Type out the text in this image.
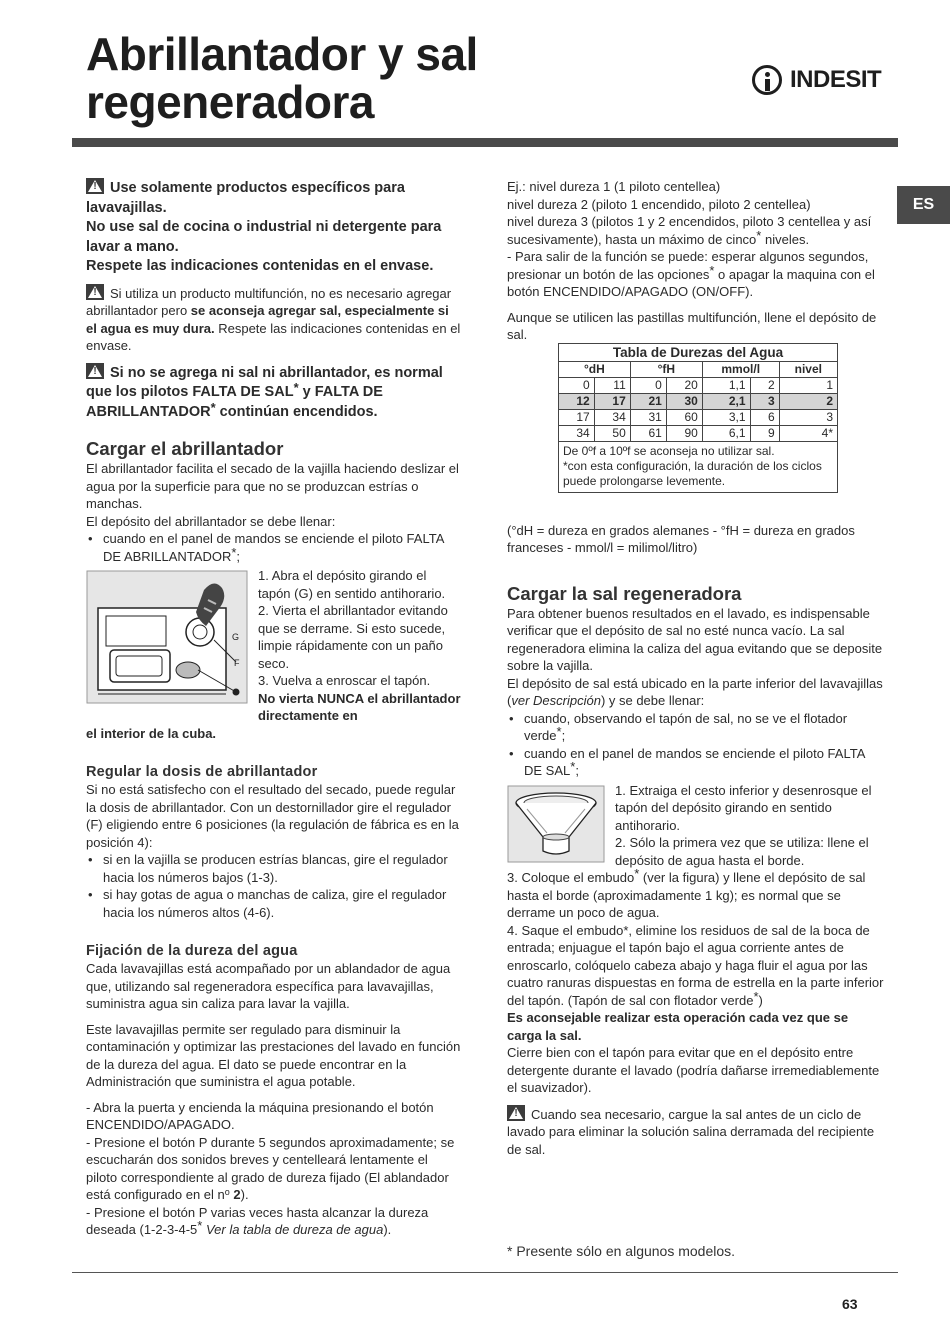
Abrillantador y sal
regeneradora	INDESIT
ES

!Use solamente productos específicos para lavavajillas.
No use sal de cocina o industrial ni detergente para lavar a mano.
Respete las indicaciones contenidas en el envase.

!Si utiliza un producto multifunción, no es necesario agregar abrillantador pero se aconseja agregar sal, especialmente si el agua es muy dura. Respete las indicaciones contenidas en el envase.

!Si no se agrega ni sal ni abrillantador, es normal que los pilotos FALTA DE SAL* y FALTA DE ABRILLANTADOR* continúan encendidos.

Cargar el abrillantador

El abrillantador facilita el secado de la vajilla haciendo deslizar el agua por la superficie para que no se produzcan estrías o manchas.

El depósito del abrillantador se debe llenar:

• cuando en el panel de mandos se enciende el piloto FALTA DE ABRILLANTADOR*;

F
G

1. Abra el depósito girando el tapón (G) en sentido antihorario.

2. Vierta el abrillantador evitando que se derrame. Si esto sucede, limpie rápidamente con un paño seco.

3. Vuelva a enroscar el tapón.

No vierta NUNCA el abrillantador directamente en

el interior de la cuba.

Regular la dosis de abrillantador

Si no está satisfecho con el resultado del secado, puede regular la dosis de abrillantador. Con un destornillador gire el regulador (F) eligiendo entre 6 posiciones (la regulación de fábrica es en la posición 4):

• si en la vajilla se producen estrías blancas, gire el regulador hacia los números bajos (1-3).

• si hay gotas de agua o manchas de caliza, gire el regulador hacia los números altos (4-6).

Fijación de la dureza del agua

Cada lavavajillas está acompañado por un ablandador de agua que, utilizando sal regeneradora específica para lavavajillas, suministra agua sin caliza para lavar la vajilla.

Este lavavajillas permite ser regulado para disminuir la contaminación y optimizar las prestaciones del lavado en función de la dureza del agua. El dato se puede encontrar en la Administración que suministra el agua potable.

- Abra la puerta y encienda la máquina presionando el botón ENCENDIDO/APAGADO.

- Presione el botón P durante 5 segundos aproximadamente; se escucharán dos sonidos breves y centelleará lentamente el piloto correspondiente al grado de dureza fijado (El ablandador está configurado en el $n^o$ 2).

- Presione el botón P varias veces hasta alcanzar la dureza deseada (1-2-3-4-5* Ver la tabla de dureza de agua).

Ej.: nivel dureza 1 (1 piloto centellea)

nivel dureza 2 (piloto 1 encendido, piloto 2 centellea)

nivel dureza 3 (pilotos 1 y 2 encendidos, piloto 3 centellea y así sucesivamente), hasta un máximo de cinco* niveles.

- Para salir de la función se puede: esperar algunos segundos, presionar un botón de las opciones* o apagar la maquina con el botón ENCENDIDO/APAGADO (ON/OFF).

Aunque se utilicen las pastillas multifunción, llene el depósito de sal.

Tabla de Durezas del Agua
°dH		°fH		mmol/l		nivel
0	11	0	20	1,1	2	1
12	17	21	30	2,1	3	2
17	34	31	60	3,1	6	3
34	50	61	90	6,1	9	4*
De 0ºf a 10ºf se aconseja no utilizar sal.
*con esta configuración, la duración de los ciclos puede prolongarse levemente.

(°dH = dureza en grados alemanes - °fH = dureza en grados franceses - mmol/l = milimol/litro)

Cargar la sal regeneradora

Para obtener buenos resultados en el lavado, es indispensable verificar que el depósito de sal no esté nunca vacío. La sal regeneradora elimina la caliza del agua evitando que se deposite sobre la vajilla.

El depósito de sal está ubicado en la parte inferior del lavavajillas (ver Descripción) y se debe llenar:

• cuando, observando el tapón de sal, no se ve el flotador verde*;

• cuando en el panel de mandos se enciende el piloto FALTA DE SAL*;

1. Extraiga el cesto inferior y desenrosque el tapón del depósito girando en sentido antihorario.

2. Sólo la primera vez que se utiliza: llene el depósito de agua hasta el borde.

3. Coloque el embudo* (ver la figura) y llene el depósito de sal hasta el borde (aproximadamente 1 kg); es normal que se derrame un poco de agua.

4. Saque el embudo*, elimine los residuos de sal de la boca de entrada; enjuague el tapón bajo el agua corriente antes de enroscarlo, colóquelo cabeza abajo y haga fluir el agua por las cuatro ranuras dispuestas en forma de estrella en la parte inferior del tapón. (Tapón de sal con flotador verde*)

Es aconsejable realizar esta operación cada vez que se carga la sal.

Cierre bien con el tapón para evitar que en el depósito entre detergente durante el lavado (podría dañarse irremediablemente el suavizador).

!Cuando sea necesario, cargue la sal antes de un ciclo de lavado para eliminar la solución salina derramada del recipiente de sal.

* Presente sólo en algunos modelos.
63
